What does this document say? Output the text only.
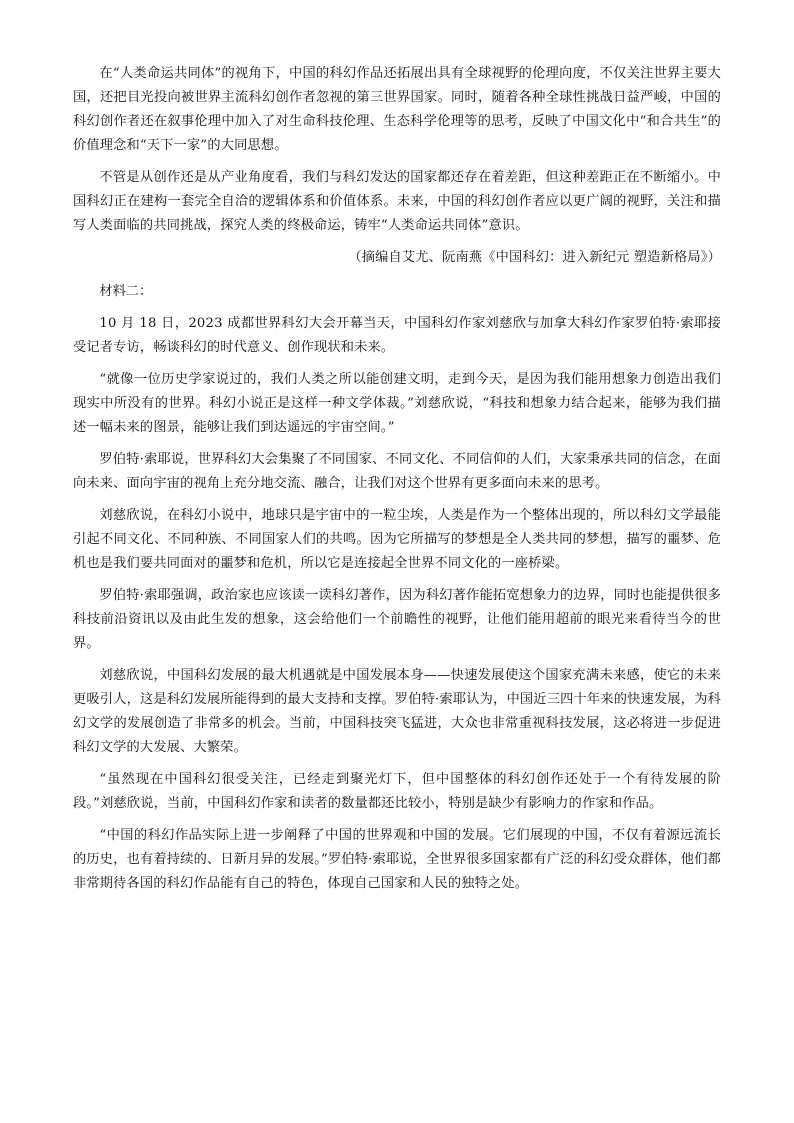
在“人类命运共同体”的视角下，中国的科幻作品还拓展出具有全球视野的伦理向度，不仅关注世界主要大国，还把目光投向被世界主流科幻创作者忽视的第三世界国家。同时，随着各种全球性挑战日益严峻，中国的科幻创作者还在叙事伦理中加入了对生命科技伦理、生态科学伦理等的思考，反映了中国文化中“和合共生”的价值理念和“天下一家”的大同思想。

不管是从创作还是从产业角度看，我们与科幻发达的国家都还存在着差距，但这种差距正在不断缩小。中国科幻正在建构一套完全自洽的逻辑体系和价值体系。未来，中国的科幻创作者应以更广阔的视野，关注和描写人类面临的共同挑战，探究人类的终极命运，铸牢“人类命运共同体”意识。

（摘编自艾尤、阮南燕《中国科幻：进入新纪元 塑造新格局》）

材料二：

10 月 18 日，2023 成都世界科幻大会开幕当天，中国科幻作家刘慈欣与加拿大科幻作家罗伯特·索耶接受记者专访，畅谈科幻的时代意义、创作现状和未来。

“就像一位历史学家说过的，我们人类之所以能创建文明，走到今天，是因为我们能用想象力创造出我们现实中所没有的世界。科幻小说正是这样一种文学体裁。”刘慈欣说，“科技和想象力结合起来，能够为我们描述一幅未来的图景，能够让我们到达遥远的宇宙空间。”

罗伯特·索耶说，世界科幻大会集聚了不同国家、不同文化、不同信仰的人们，大家秉承共同的信念，在面向未来、面向宇宙的视角上充分地交流、融合，让我们对这个世界有更多面向未来的思考。

刘慈欣说，在科幻小说中，地球只是宇宙中的一粒尘埃，人类是作为一个整体出现的，所以科幻文学最能引起不同文化、不同种族、不同国家人们的共鸣。因为它所描写的梦想是全人类共同的梦想，描写的噩梦、危机也是我们要共同面对的噩梦和危机，所以它是连接起全世界不同文化的一座桥梁。

罗伯特·索耶强调，政治家也应该读一读科幻著作，因为科幻著作能拓宽想象力的边界，同时也能提供很多科技前沿资讯以及由此生发的想象，这会给他们一个前瞻性的视野，让他们能用超前的眼光来看待当今的世界。

刘慈欣说，中国科幻发展的最大机遇就是中国发展本身——快速发展使这个国家充满未来感，使它的未来更吸引人，这是科幻发展所能得到的最大支持和支撑。罗伯特·索耶认为，中国近三四十年来的快速发展，为科幻文学的发展创造了非常多的机会。当前，中国科技突飞猛进，大众也非常重视科技发展，这必将进一步促进科幻文学的大发展、大繁荣。

“虽然现在中国科幻很受关注，已经走到聚光灯下，但中国整体的科幻创作还处于一个有待发展的阶段。”刘慈欣说，当前，中国科幻作家和读者的数量都还比较小，特别是缺少有影响力的作家和作品。

“中国的科幻作品实际上进一步阐释了中国的世界观和中国的发展。它们展现的中国，不仅有着源远流长的历史，也有着持续的、日新月异的发展。”罗伯特·索耶说，全世界很多国家都有广泛的科幻受众群体，他们都非常期待各国的科幻作品能有自己的特色，体现自己国家和人民的独特之处。
